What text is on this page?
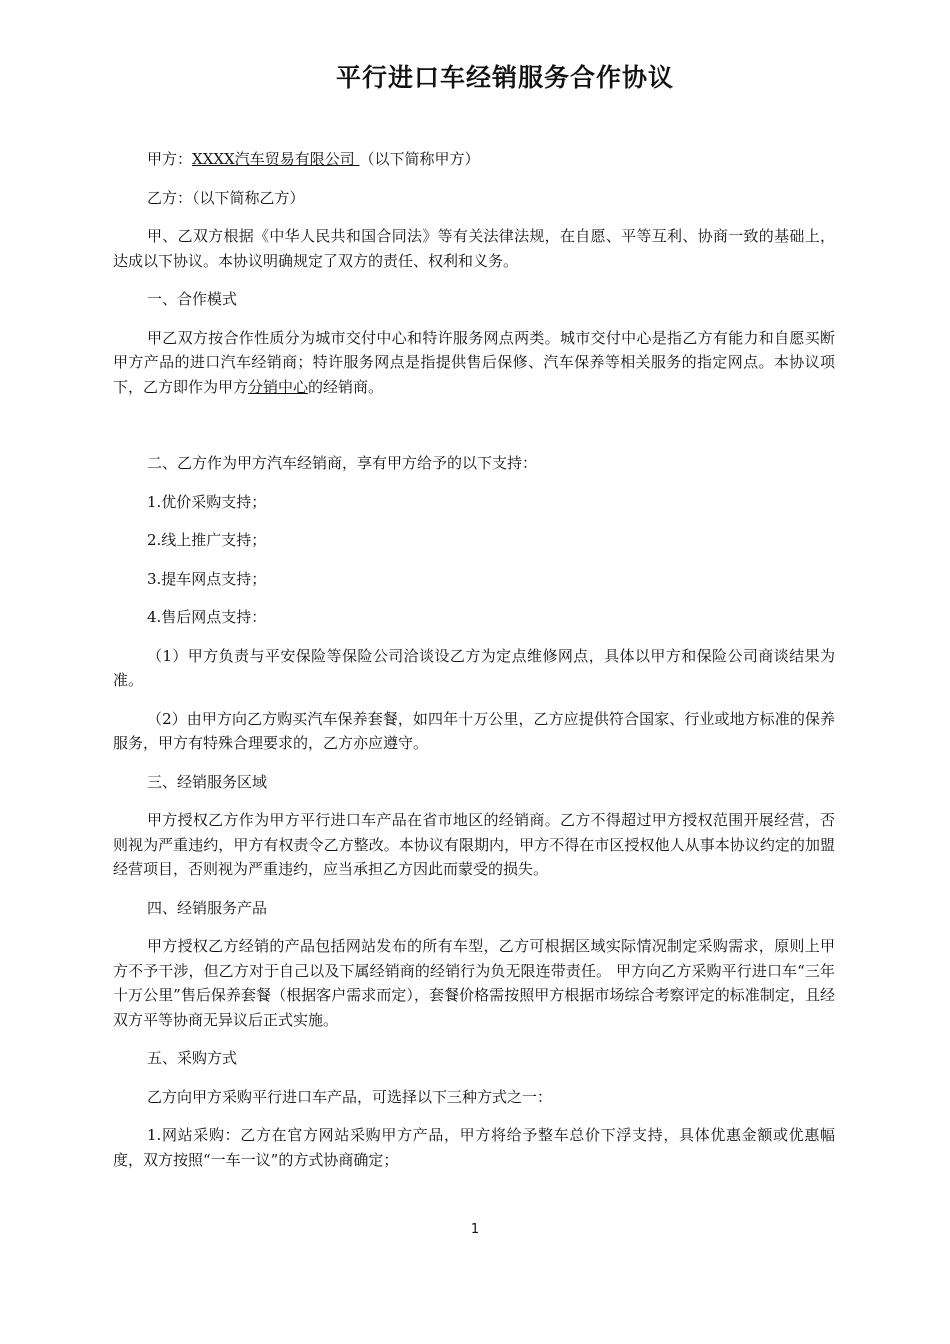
平行进口车经销服务合作协议

甲方：XXXX汽车贸易有限公司 （以下简称甲方）

乙方：（以下简称乙方）

甲、乙双方根据《中华人民共和国合同法》等有关法律法规，在自愿、平等互利、协商一致的基础上，达成以下协议。本协议明确规定了双方的责任、权利和义务。

一、合作模式

甲乙双方按合作性质分为城市交付中心和特许服务网点两类。城市交付中心是指乙方有能力和自愿买断甲方产品的进口汽车经销商；特许服务网点是指提供售后保修、汽车保养等相关服务的指定网点。本协议项下，乙方即作为甲方分销中心的经销商。

二、乙方作为甲方汽车经销商，享有甲方给予的以下支持：

1.优价采购支持；

2.线上推广支持；

3.提车网点支持；

4.售后网点支持：

（1）甲方负责与平安保险等保险公司洽谈设乙方为定点维修网点，具体以甲方和保险公司商谈结果为准。

（2）由甲方向乙方购买汽车保养套餐，如四年十万公里，乙方应提供符合国家、行业或地方标准的保养服务，甲方有特殊合理要求的，乙方亦应遵守。

三、经销服务区域

甲方授权乙方作为甲方平行进口车产品在省市地区的经销商。乙方不得超过甲方授权范围开展经营，否则视为严重违约，甲方有权责令乙方整改。本协议有限期内，甲方不得在市区授权他人从事本协议约定的加盟经营项目，否则视为严重违约，应当承担乙方因此而蒙受的损失。

四、经销服务产品

甲方授权乙方经销的产品包括网站发布的所有车型，乙方可根据区域实际情况制定采购需求，原则上甲方不予干涉，但乙方对于自己以及下属经销商的经销行为负无限连带责任。 甲方向乙方采购平行进口车“三年十万公里”售后保养套餐（根据客户需求而定），套餐价格需按照甲方根据市场综合考察评定的标准制定，且经双方平等协商无异议后正式实施。

五、采购方式

乙方向甲方采购平行进口车产品，可选择以下三种方式之一：

1.网站采购：乙方在官方网站采购甲方产品，甲方将给予整车总价下浮支持，具体优惠金额或优惠幅度，双方按照“一车一议”的方式协商确定；

1
